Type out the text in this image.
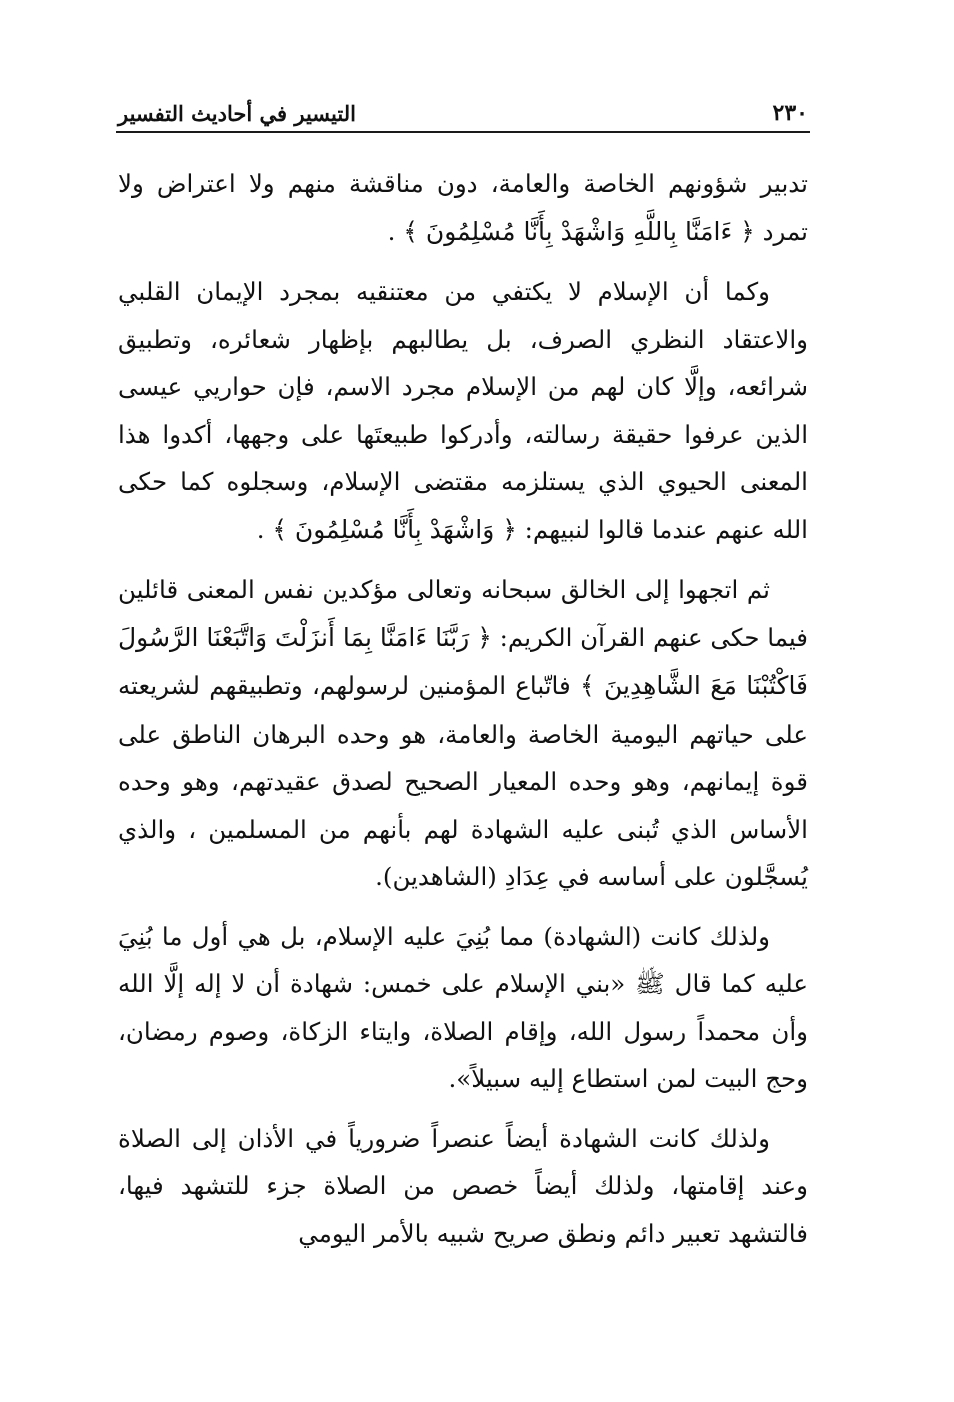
٢٣٠
التيسير في أحاديث التفسير

تدبير شؤونهم الخاصة والعامة، دون مناقشة منهم ولا اعتراض ولا تمرد ﴿ ءَامَنَّا بِاللَّهِ وَاشْهَدْ بِأَنَّا مُسْلِمُونَ ﴾ .

وكما أن الإسلام لا يكتفي من معتنقيه بمجرد الإيمان القلبي والاعتقاد النظري الصرف، بل يطالبهم بإظهار شعائره، وتطبيق شرائعه، وإلَّا كان لهم من الإسلام مجرد الاسم، فإن حواريي عيسى الذين عرفوا حقيقة رسالته، وأدركوا طبيعتَها على وجهها، أكدوا هذا المعنى الحيوي الذي يستلزمه مقتضى الإسلام، وسجلوه كما حكى الله عنهم عندما قالوا لنبيهم: ﴿ وَاشْهَدْ بِأَنَّا مُسْلِمُونَ ﴾ .

ثم اتجهوا إلى الخالق سبحانه وتعالى مؤكدين نفس المعنى قائلين فيما حكى عنهم القرآن الكريم: ﴿ رَبَّنَا ءَامَنَّا بِمَا أَنزَلْتَ وَاتَّبَعْنَا الرَّسُولَ فَاكْتُبْنَا مَعَ الشَّاهِدِينَ ﴾ فاتّباع المؤمنين لرسولهم، وتطبيقهم لشريعته على حياتهم اليومية الخاصة والعامة، هو وحده البرهان الناطق على قوة إيمانهم، وهو وحده المعيار الصحيح لصدق عقيدتهم، وهو وحده الأساس الذي تُبنى عليه الشهادة لهم بأنهم من المسلمين ، والذي يُسجَّلون على أساسه في عِدَادِ (الشاهدين).

ولذلك كانت (الشهادة) مما بُنِيَ عليه الإسلام، بل هي أول ما بُنِيَ عليه كما قال ﷺ «بني الإسلام على خمس: شهادة أن لا إله إلَّا الله وأن محمداً رسول الله، وإقام الصلاة، وايتاء الزكاة، وصوم رمضان، وحج البيت لمن استطاع إليه سبيلاً».

ولذلك كانت الشهادة أيضاً عنصراً ضرورياً في الأذان إلى الصلاة وعند إقامتها، ولذلك أيضاً خصص من الصلاة جزء للتشهد فيها، فالتشهد تعبير دائم ونطق صريح شبيه بالأمر اليومي
